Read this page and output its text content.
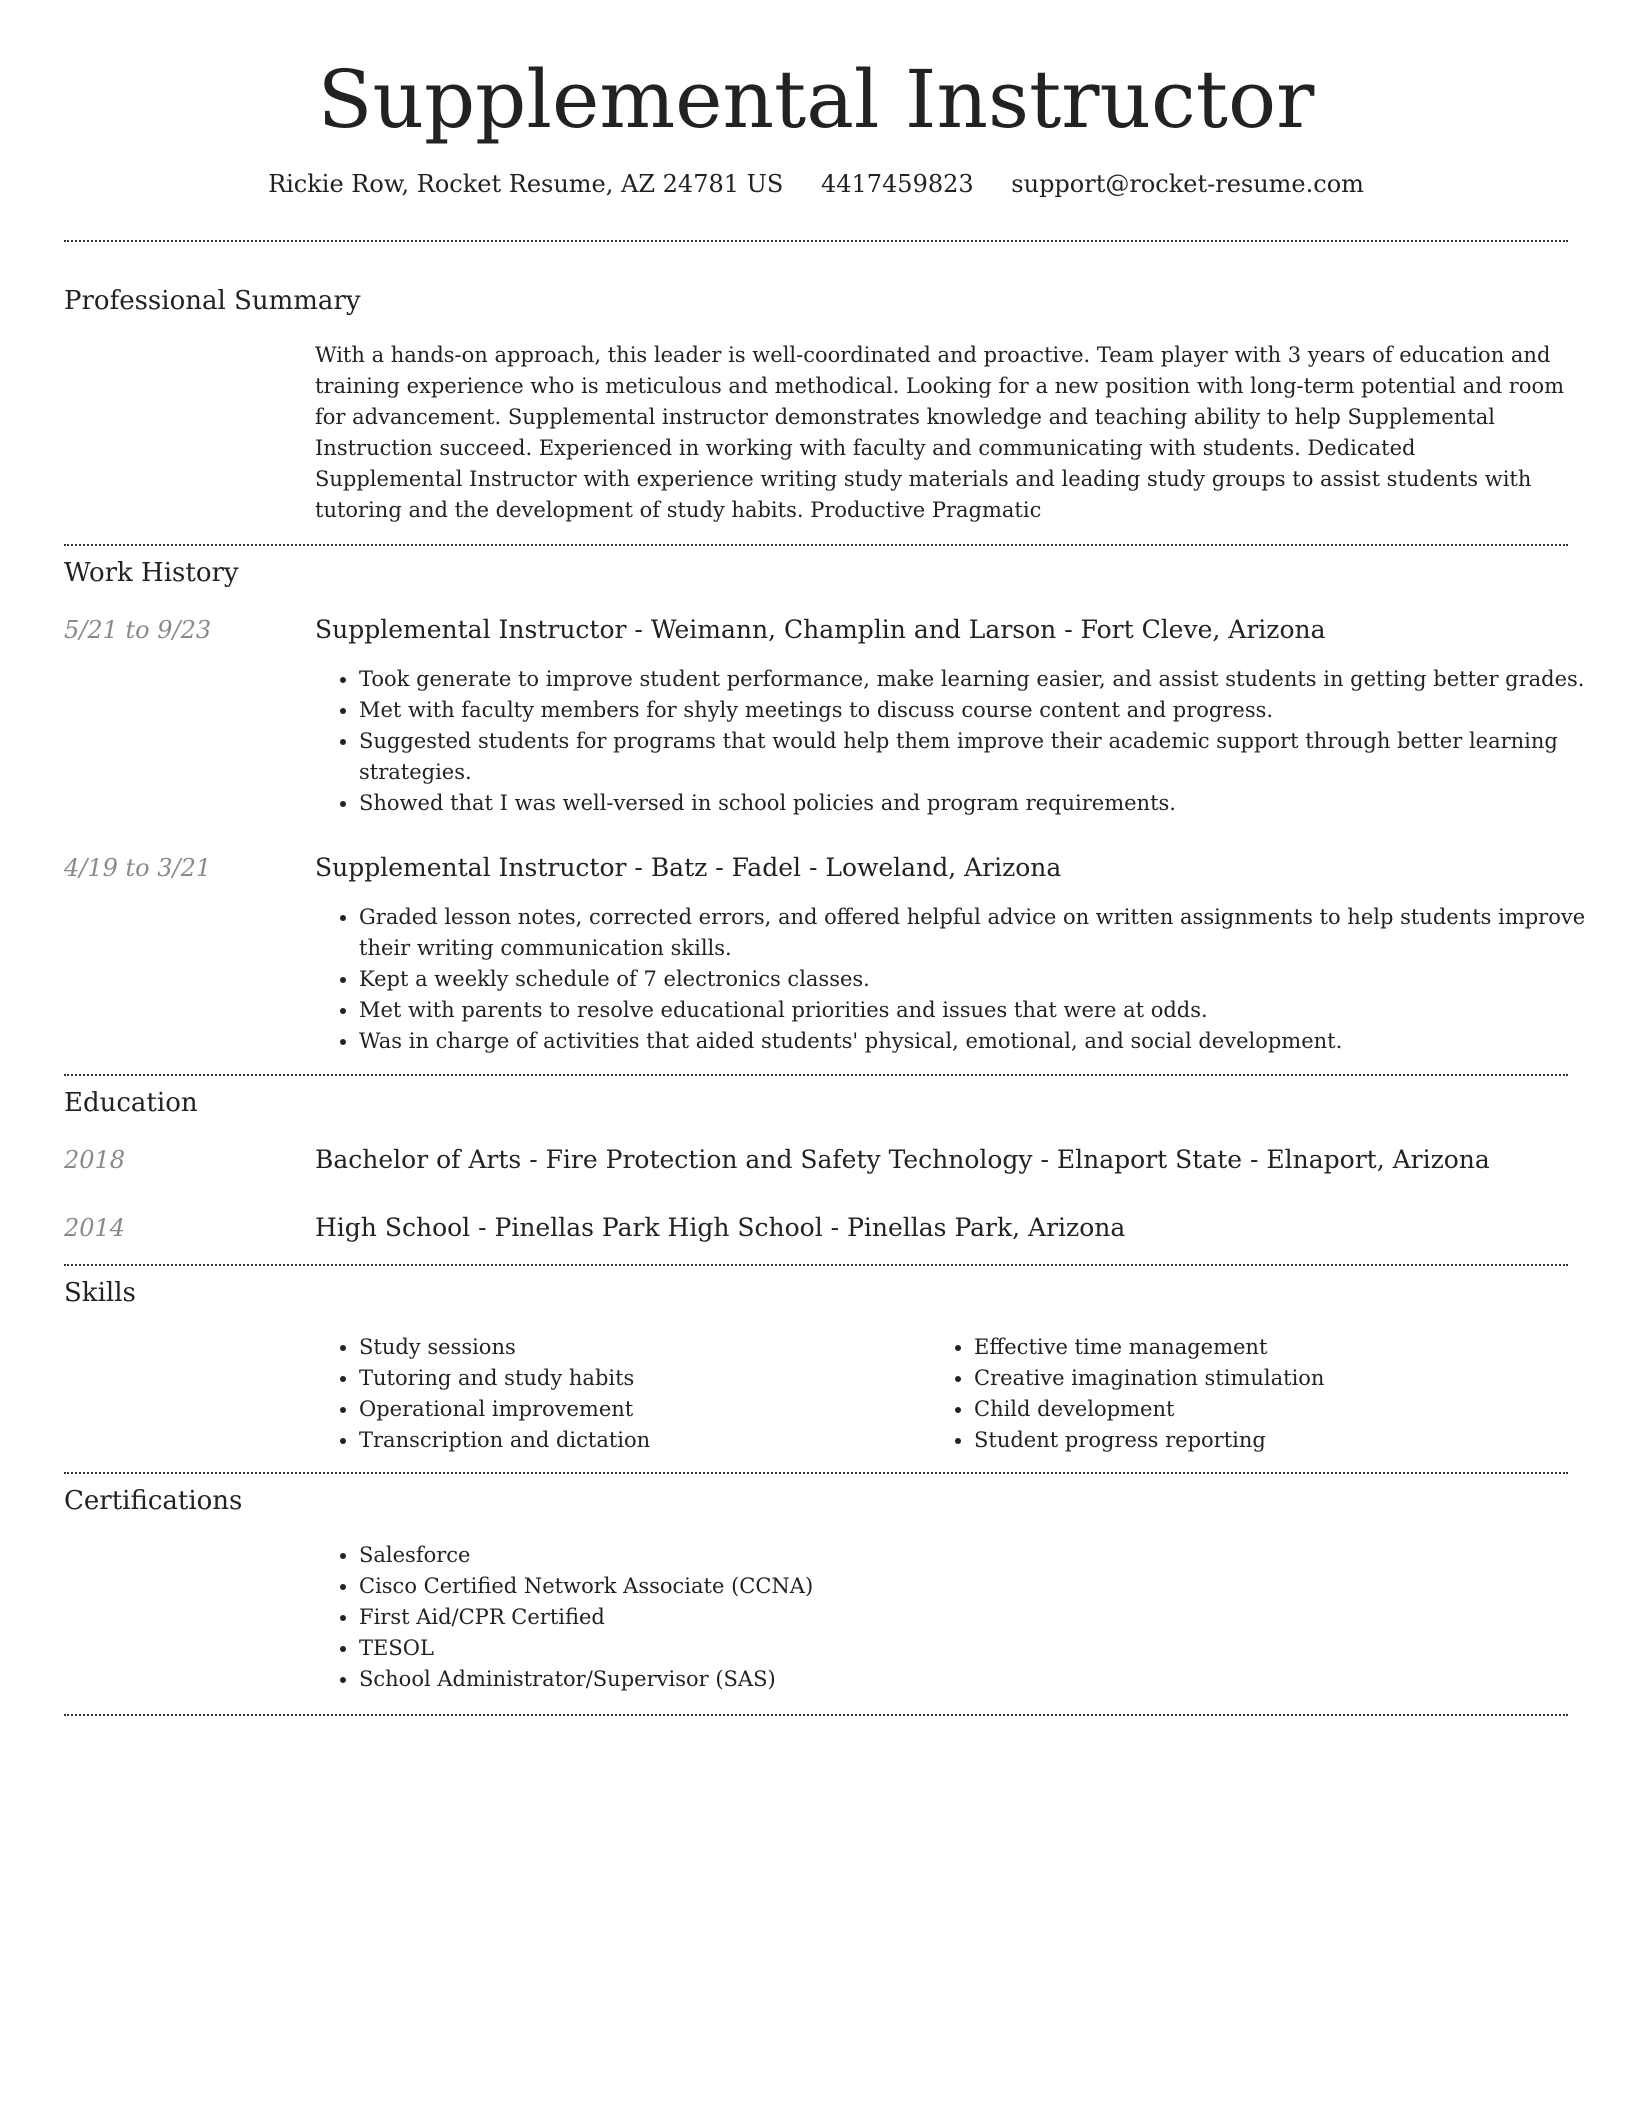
Supplemental Instructor
Rickie Row, Rocket Resume, AZ 24781 US 4417459823 support@rocket-resume.com
Professional Summary

With a hands-on approach, this leader is well-coordinated and proactive. Team player with 3 years of education and training experience who is meticulous and methodical. Looking for a new position with long-term potential and room for advancement. Supplemental instructor demonstrates knowledge and teaching ability to help Supplemental Instruction succeed. Experienced in working with faculty and communicating with students. Dedicated Supplemental Instructor with experience writing study materials and leading study groups to assist students with tutoring and the development of study habits. Productive Pragmatic

Work History
5/21 to 9/23	Supplemental Instructor - Weimann, Champlin and Larson - Fort Cleve, Arizona
• Took generate to improve student performance, make learning easier, and assist students in getting better grades.
• Met with faculty members for shyly meetings to discuss course content and progress.
• Suggested students for programs that would help them improve their academic support through better learning strategies.
• Showed that I was well-versed in school policies and program requirements.
4/19 to 3/21	Supplemental Instructor - Batz - Fadel - Loweland, Arizona
• Graded lesson notes, corrected errors, and offered helpful advice on written assignments to help students improve their writing communication skills.
• Kept a weekly schedule of 7 electronics classes.
• Met with parents to resolve educational priorities and issues that were at odds.
• Was in charge of activities that aided students' physical, emotional, and social development.
Education
2018	Bachelor of Arts - Fire Protection and Safety Technology - Elnaport State - Elnaport, Arizona
2014	High School - Pinellas Park High School - Pinellas Park, Arizona
Skills
• Study sessions
• Tutoring and study habits
• Operational improvement
• Transcription and dictation
• Effective time management
• Creative imagination stimulation
• Child development
• Student progress reporting
Certifications
• Salesforce
• Cisco Certified Network Associate (CCNA)
• First Aid/CPR Certified
• TESOL
• School Administrator/Supervisor (SAS)
